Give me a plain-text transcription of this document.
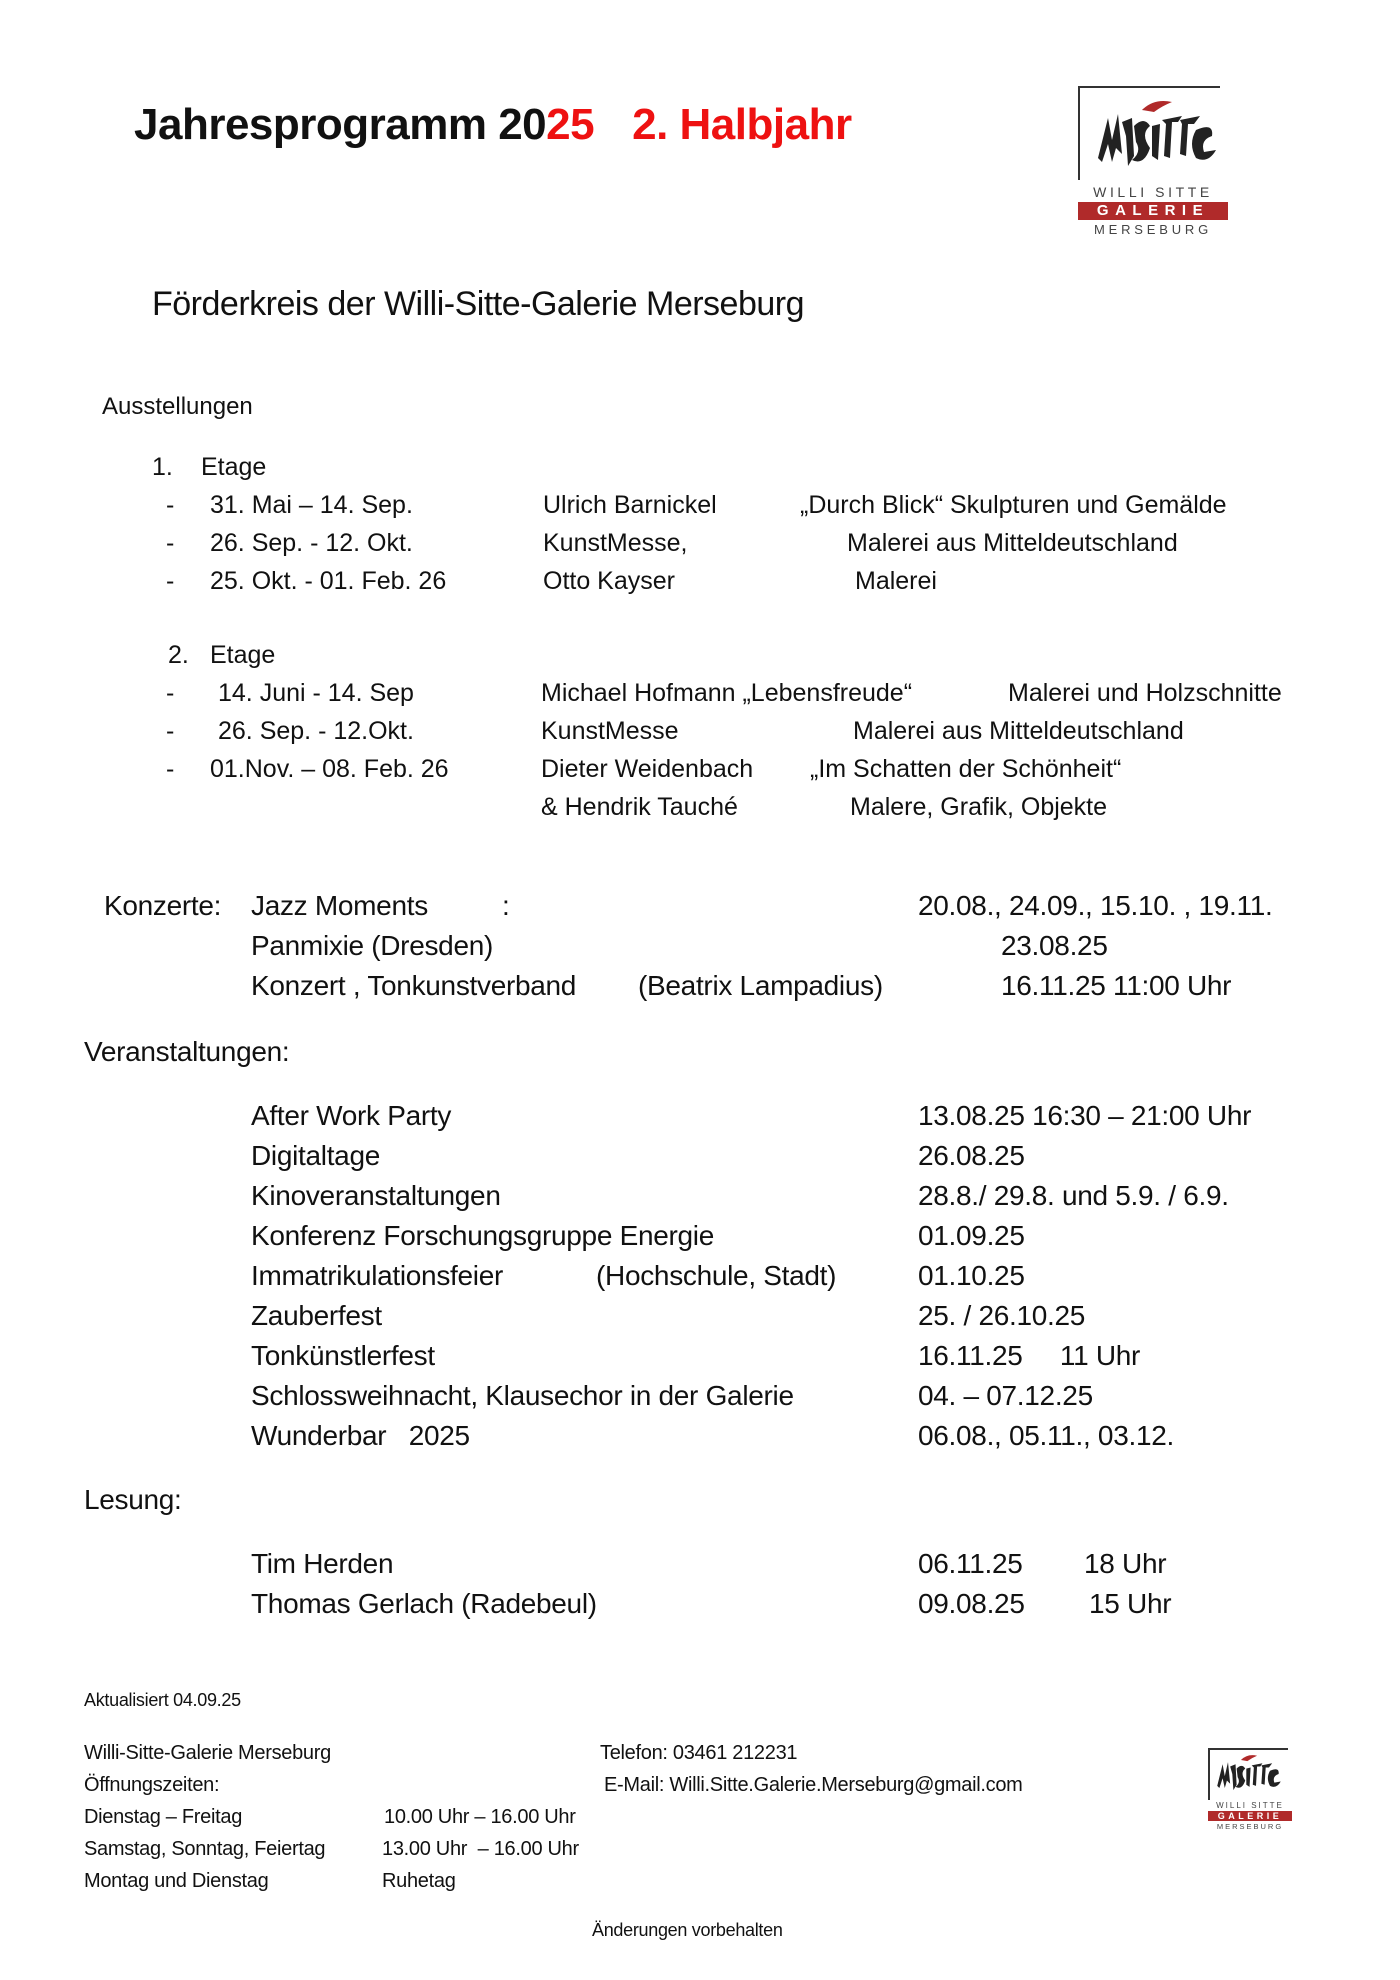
Jahresprogramm 2025 2. Halbjahr
WILLI SITTE
GALERIE
MERSEBURG
Förderkreis der Willi-Sitte-Galerie Merseburg
Ausstellungen
1. Etage
- 31. Mai – 14. Sep.	Ulrich Barnickel	„Durch Blick“ Skulpturen und Gemälde
- 26. Sep. - 12. Okt.	KunstMesse,	Malerei aus Mitteldeutschland
- 25. Okt. - 01. Feb. 26	Otto Kayser	Malerei
2. Etage
- 14. Juni - 14. Sep	Michael Hofmann „Lebensfreude“	Malerei und Holzschnitte
- 26. Sep. - 12.Okt.	KunstMesse	Malerei aus Mitteldeutschland
- 01.Nov. – 08. Feb. 26	Dieter Weidenbach „Im Schatten der Schönheit“
& Hendrik Tauché	Malere, Grafik, Objekte
Konzerte: Jazz Moments	:	20.08., 24.09., 15.10. , 19.11.
Panmixie (Dresden)	23.08.25
Konzert , Tonkunstverband (Beatrix Lampadius)	16.11.25 11:00 Uhr
Veranstaltungen:
After Work Party	13.08.25 16:30 – 21:00 Uhr
Digitaltage	26.08.25
Kinoveranstaltungen	28.8./ 29.8. und 5.9. / 6.9.
Konferenz Forschungsgruppe Energie	01.09.25
Immatrikulationsfeier	(Hochschule, Stadt)	01.10.25
Zauberfest	25. / 26.10.25
Tonkünstlerfest	16.11.25     11 Uhr
Schlossweihnacht, Klausechor in der Galerie	04. – 07.12.25
Wunderbar   2025	06.08., 05.11., 03.12.
Lesung:
Tim Herden	06.11.25 18 Uhr
Thomas Gerlach (Radebeul)	09.08.25 15 Uhr
Aktualisiert 04.09.25
Willi-Sitte-Galerie Merseburg	Telefon: 03461 212231
Öffnungszeiten:	E-Mail: Willi.Sitte.Galerie.Merseburg@gmail.com
Dienstag – Freitag	10.00 Uhr – 16.00 Uhr
Samstag, Sonntag, Feiertag	13.00 Uhr  – 16.00 Uhr
Montag und Dienstag	Ruhetag
WILLI SITTE
GALERIE
MERSEBURG
Änderungen vorbehalten
